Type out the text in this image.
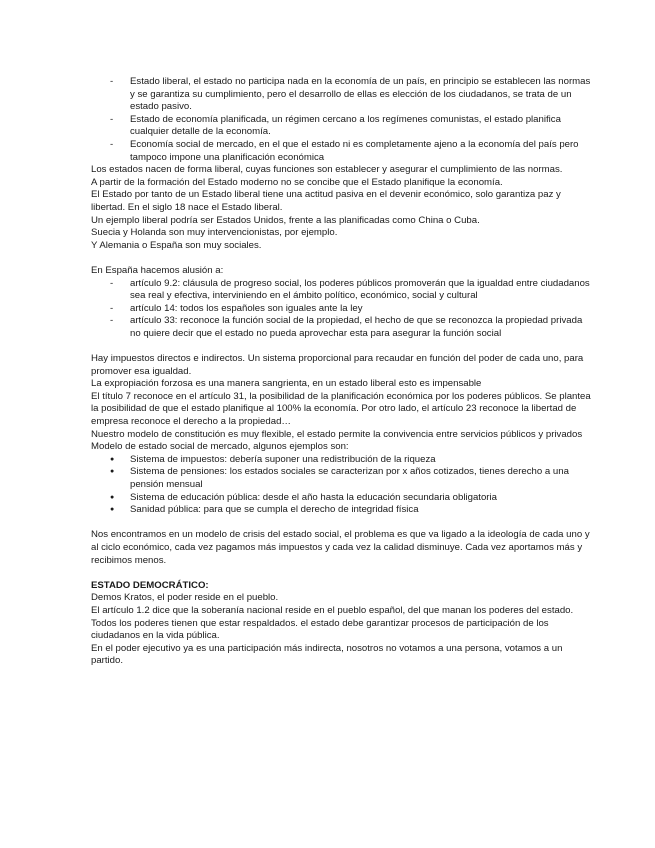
- Estado liberal, el estado no participa nada en la economía de un país, en principio se establecen las normas y se garantiza su cumplimiento, pero el desarrollo de ellas es elección de los ciudadanos, se trata de un estado pasivo.
- Estado de economía planificada, un régimen cercano a los regímenes comunistas, el estado planifica cualquier detalle de la economía.
- Economía social de mercado, en el que el estado ni es completamente ajeno a la economía del país pero tampoco impone una planificación económica

Los estados nacen de forma liberal, cuyas funciones son establecer y asegurar el cumplimiento de las normas.

A partir de la formación del Estado moderno no se concibe que el Estado planifique la economía.

El Estado por tanto de un Estado liberal tiene una actitud pasiva en el devenir económico, solo garantiza paz y libertad. En el siglo 18 nace el Estado liberal.

Un ejemplo liberal podría ser Estados Unidos, frente a las planificadas como China o Cuba.

Suecia y Holanda son muy intervencionistas, por ejemplo.

Y Alemania o España son muy sociales.

En España hacemos alusión a:

- artículo 9.2: cláusula de progreso social, los poderes públicos promoverán que la igualdad entre ciudadanos sea real y efectiva, interviniendo en el ámbito político, económico, social y cultural
- artículo 14: todos los españoles son iguales ante la ley
- artículo 33: reconoce la función social de la propiedad, el hecho de que se reconozca la propiedad privada no quiere decir que el estado no pueda aprovechar esta para asegurar la función social

Hay impuestos directos e indirectos. Un sistema proporcional para recaudar en función del poder de cada uno, para promover esa igualdad.

La expropiación forzosa es una manera sangrienta, en un estado liberal esto es impensable

El título 7 reconoce en el artículo 31, la posibilidad de la planificación económica por los poderes públicos. Se plantea la posibilidad de que el estado planifique al 100% la economía. Por otro lado, el artículo 23 reconoce la libertad de empresa reconoce el derecho a la propiedad…

Nuestro modelo de constitución es muy flexible, el estado permite la convivencia entre servicios públicos y privados

Modelo de estado social de mercado, algunos ejemplos son:

● Sistema de impuestos: debería suponer una redistribución de la riqueza
● Sistema de pensiones: los estados sociales se caracterizan por x años cotizados, tienes derecho a una pensión mensual
● Sistema de educación pública: desde el año hasta la educación secundaria obligatoria
● Sanidad pública: para que se cumpla el derecho de integridad física

Nos encontramos en un modelo de crisis del estado social, el problema es que va ligado a la ideología de cada uno y al ciclo económico, cada vez pagamos más impuestos y cada vez la calidad disminuye. Cada vez aportamos más y recibimos menos.

ESTADO DEMOCRÁTICO:

Demos Kratos, el poder reside en el pueblo.

El artículo 1.2 dice que la soberanía nacional reside en el pueblo español, del que manan los poderes del estado. Todos los poderes tienen que estar respaldados. el estado debe garantizar procesos de participación de los ciudadanos en la vida pública.

En el poder ejecutivo ya es una participación más indirecta, nosotros no votamos a una persona, votamos a un partido.
